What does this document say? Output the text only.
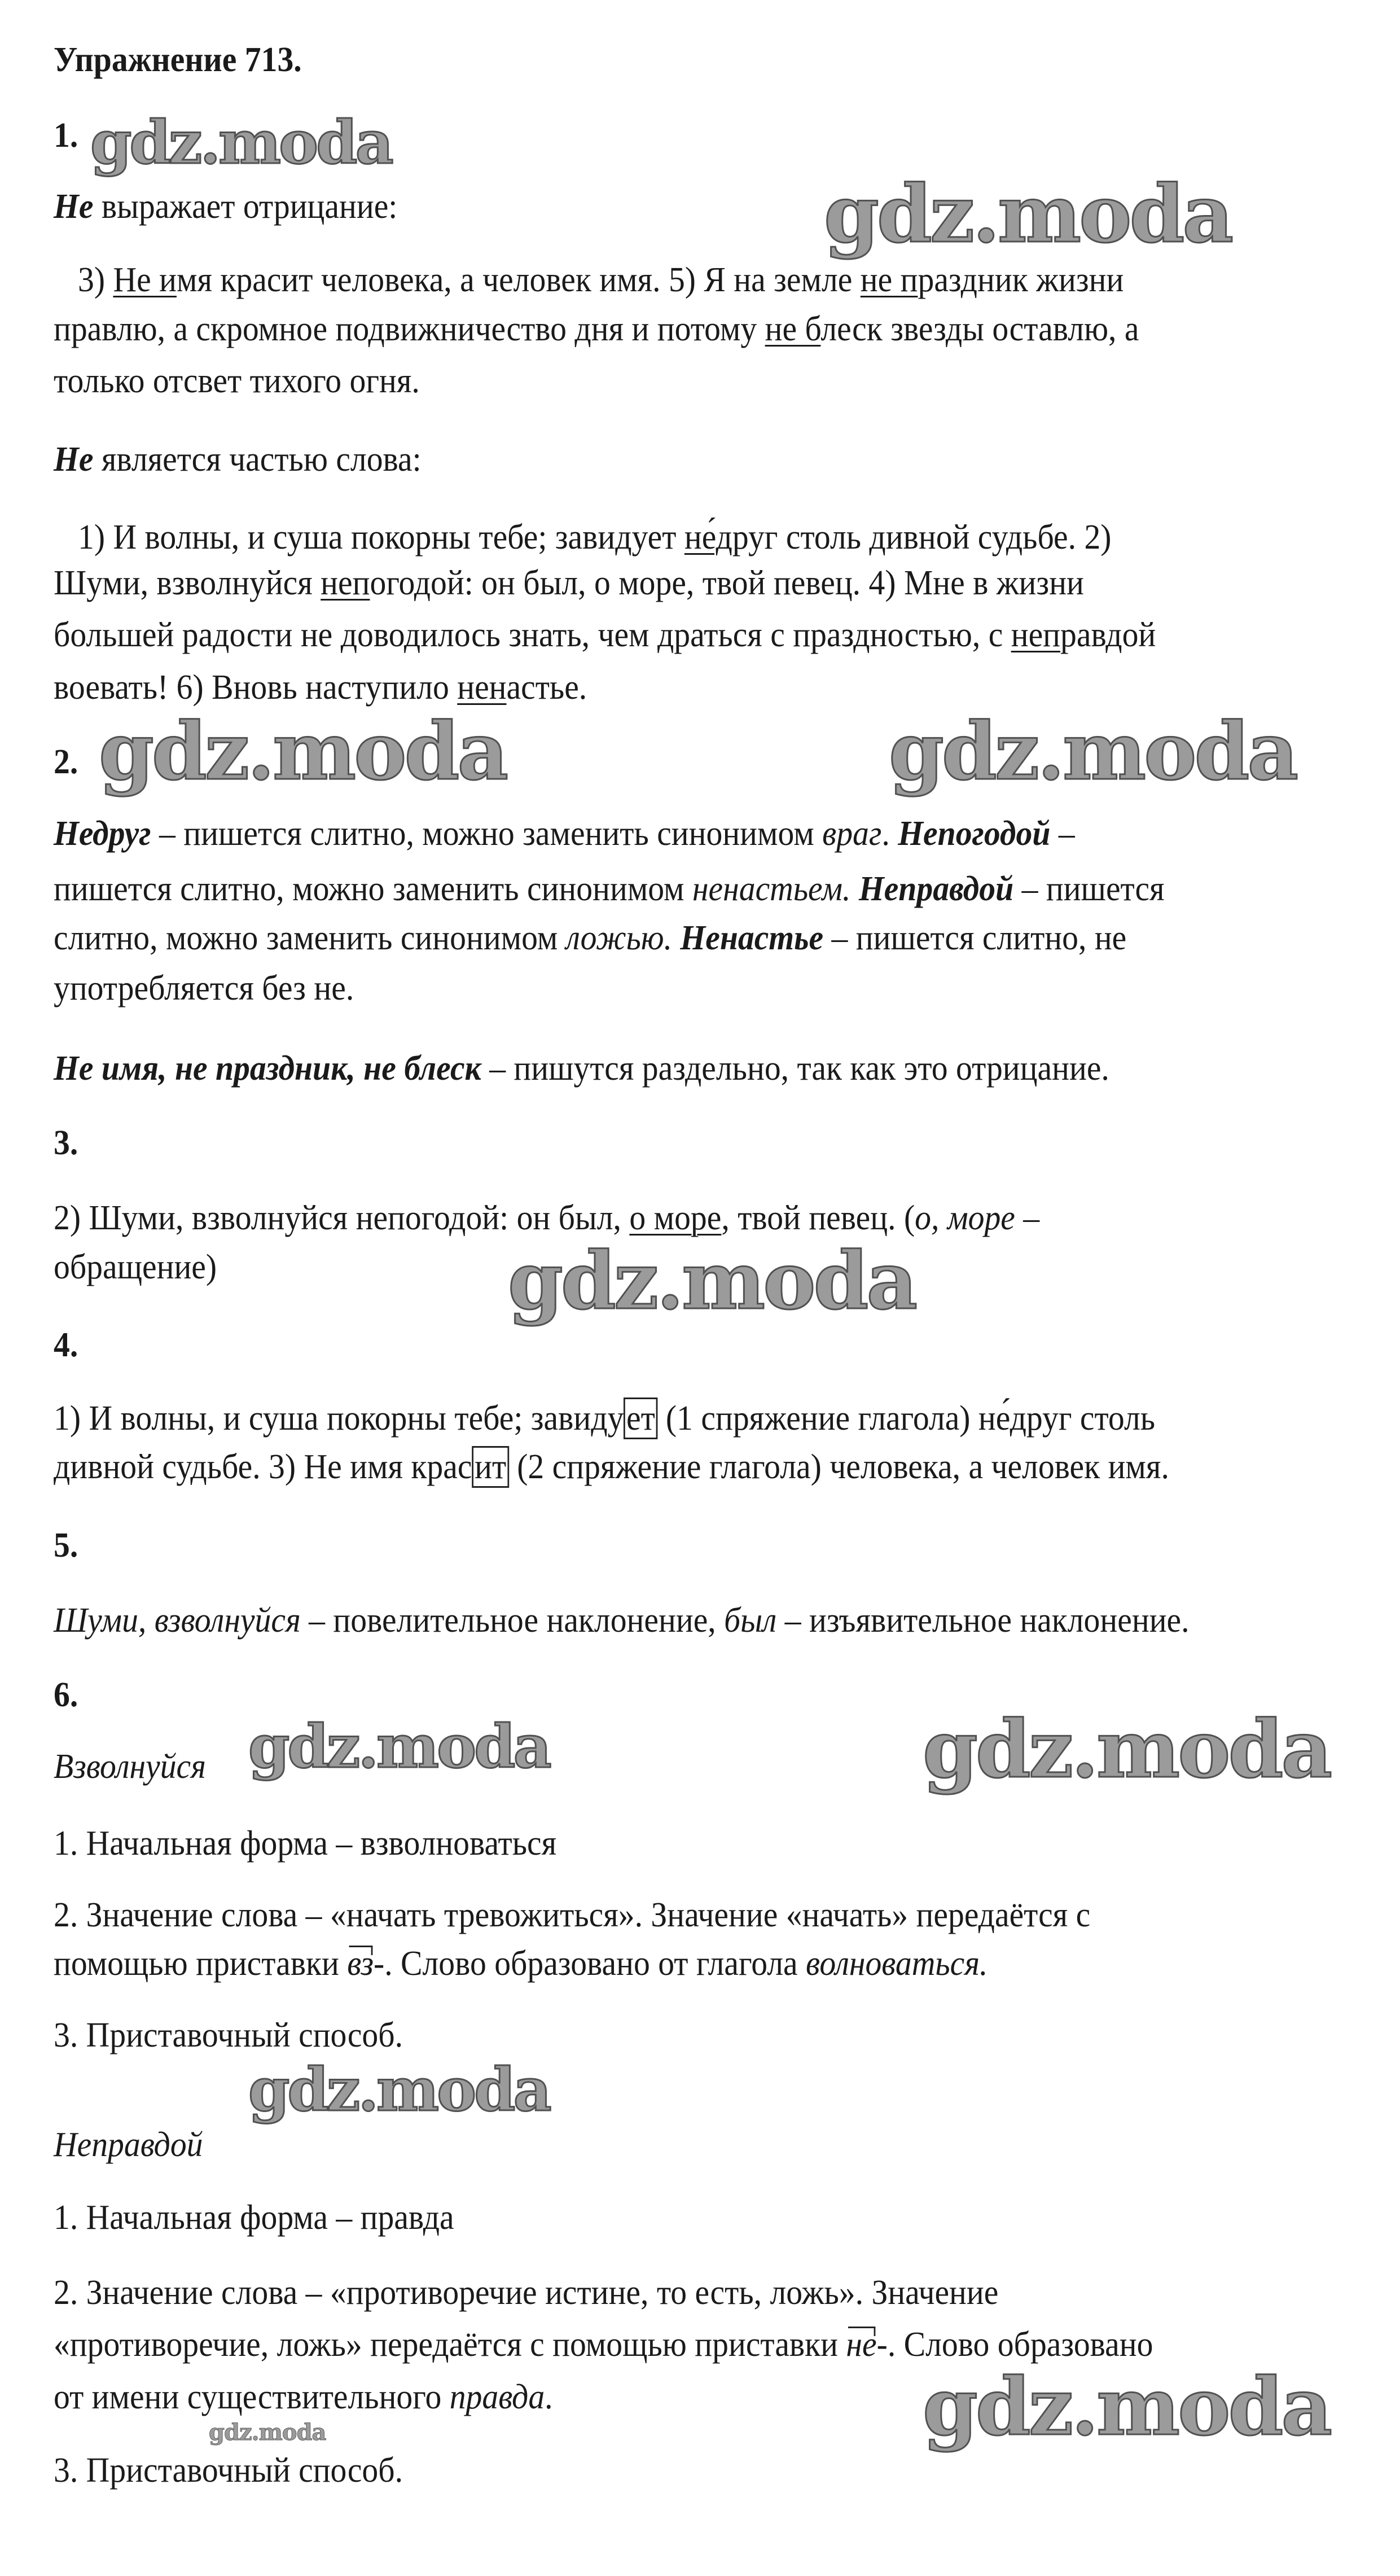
Упражнение 713.
1.
Не выражает отрицание:
3) Не имя красит человека, а человек имя. 5) Я на земле не праздник жизни
правлю, а скромное подвижничество дня и потому не блеск звезды оставлю, а
только отсвет тихого огня.
Не является частью слова:
1) И волны, и суша покорны тебе; завидует не́друг столь дивной судьбе. 2)
Шуми, взволнуйся непогодой: он был, о море, твой певец. 4) Мне в жизни
большей радости не доводилось знать, чем драться с праздностью, с неправдой
воевать! 6) Вновь наступило ненастье.
2.
Недруг – пишется слитно, можно заменить синонимом враг. Непогодой –
пишется слитно, можно заменить синонимом ненастьем. Неправдой – пишется
слитно, можно заменить синонимом ложью. Ненастье – пишется слитно, не
употребляется без не.
Не имя, не праздник, не блеск – пишутся раздельно, так как это отрицание.
3.
2) Шуми, взволнуйся непогодой: он был, о море, твой певец. (о, море –
обращение)
4.
1) И волны, и суша покорны тебе; завидует (1 спряжение глагола) не́друг столь
дивной судьбе. 3) Не имя красит (2 спряжение глагола) человека, а человек имя.
5.
Шуми, взволнуйся – повелительное наклонение, был – изъявительное наклонение.
6.
Взволнуйся
1. Начальная форма – взволноваться
2. Значение слова – «начать тревожиться». Значение «начать» передаётся с
помощью приставки вз-. Слово образовано от глагола волноваться.
3. Приставочный способ.
Неправдой
1. Начальная форма – правда
2. Значение слова – «противоречие истине, то есть, ложь». Значение
«противоречие, ложь» передаётся с помощью приставки не-. Слово образовано
от имени существительного правда.
3. Приставочный способ.
gdz.moda
gdz.moda
gdz.moda	gdz.moda
gdz.moda
gdz.moda	gdz.moda
gdz.moda
gdz.moda
gdz.moda
